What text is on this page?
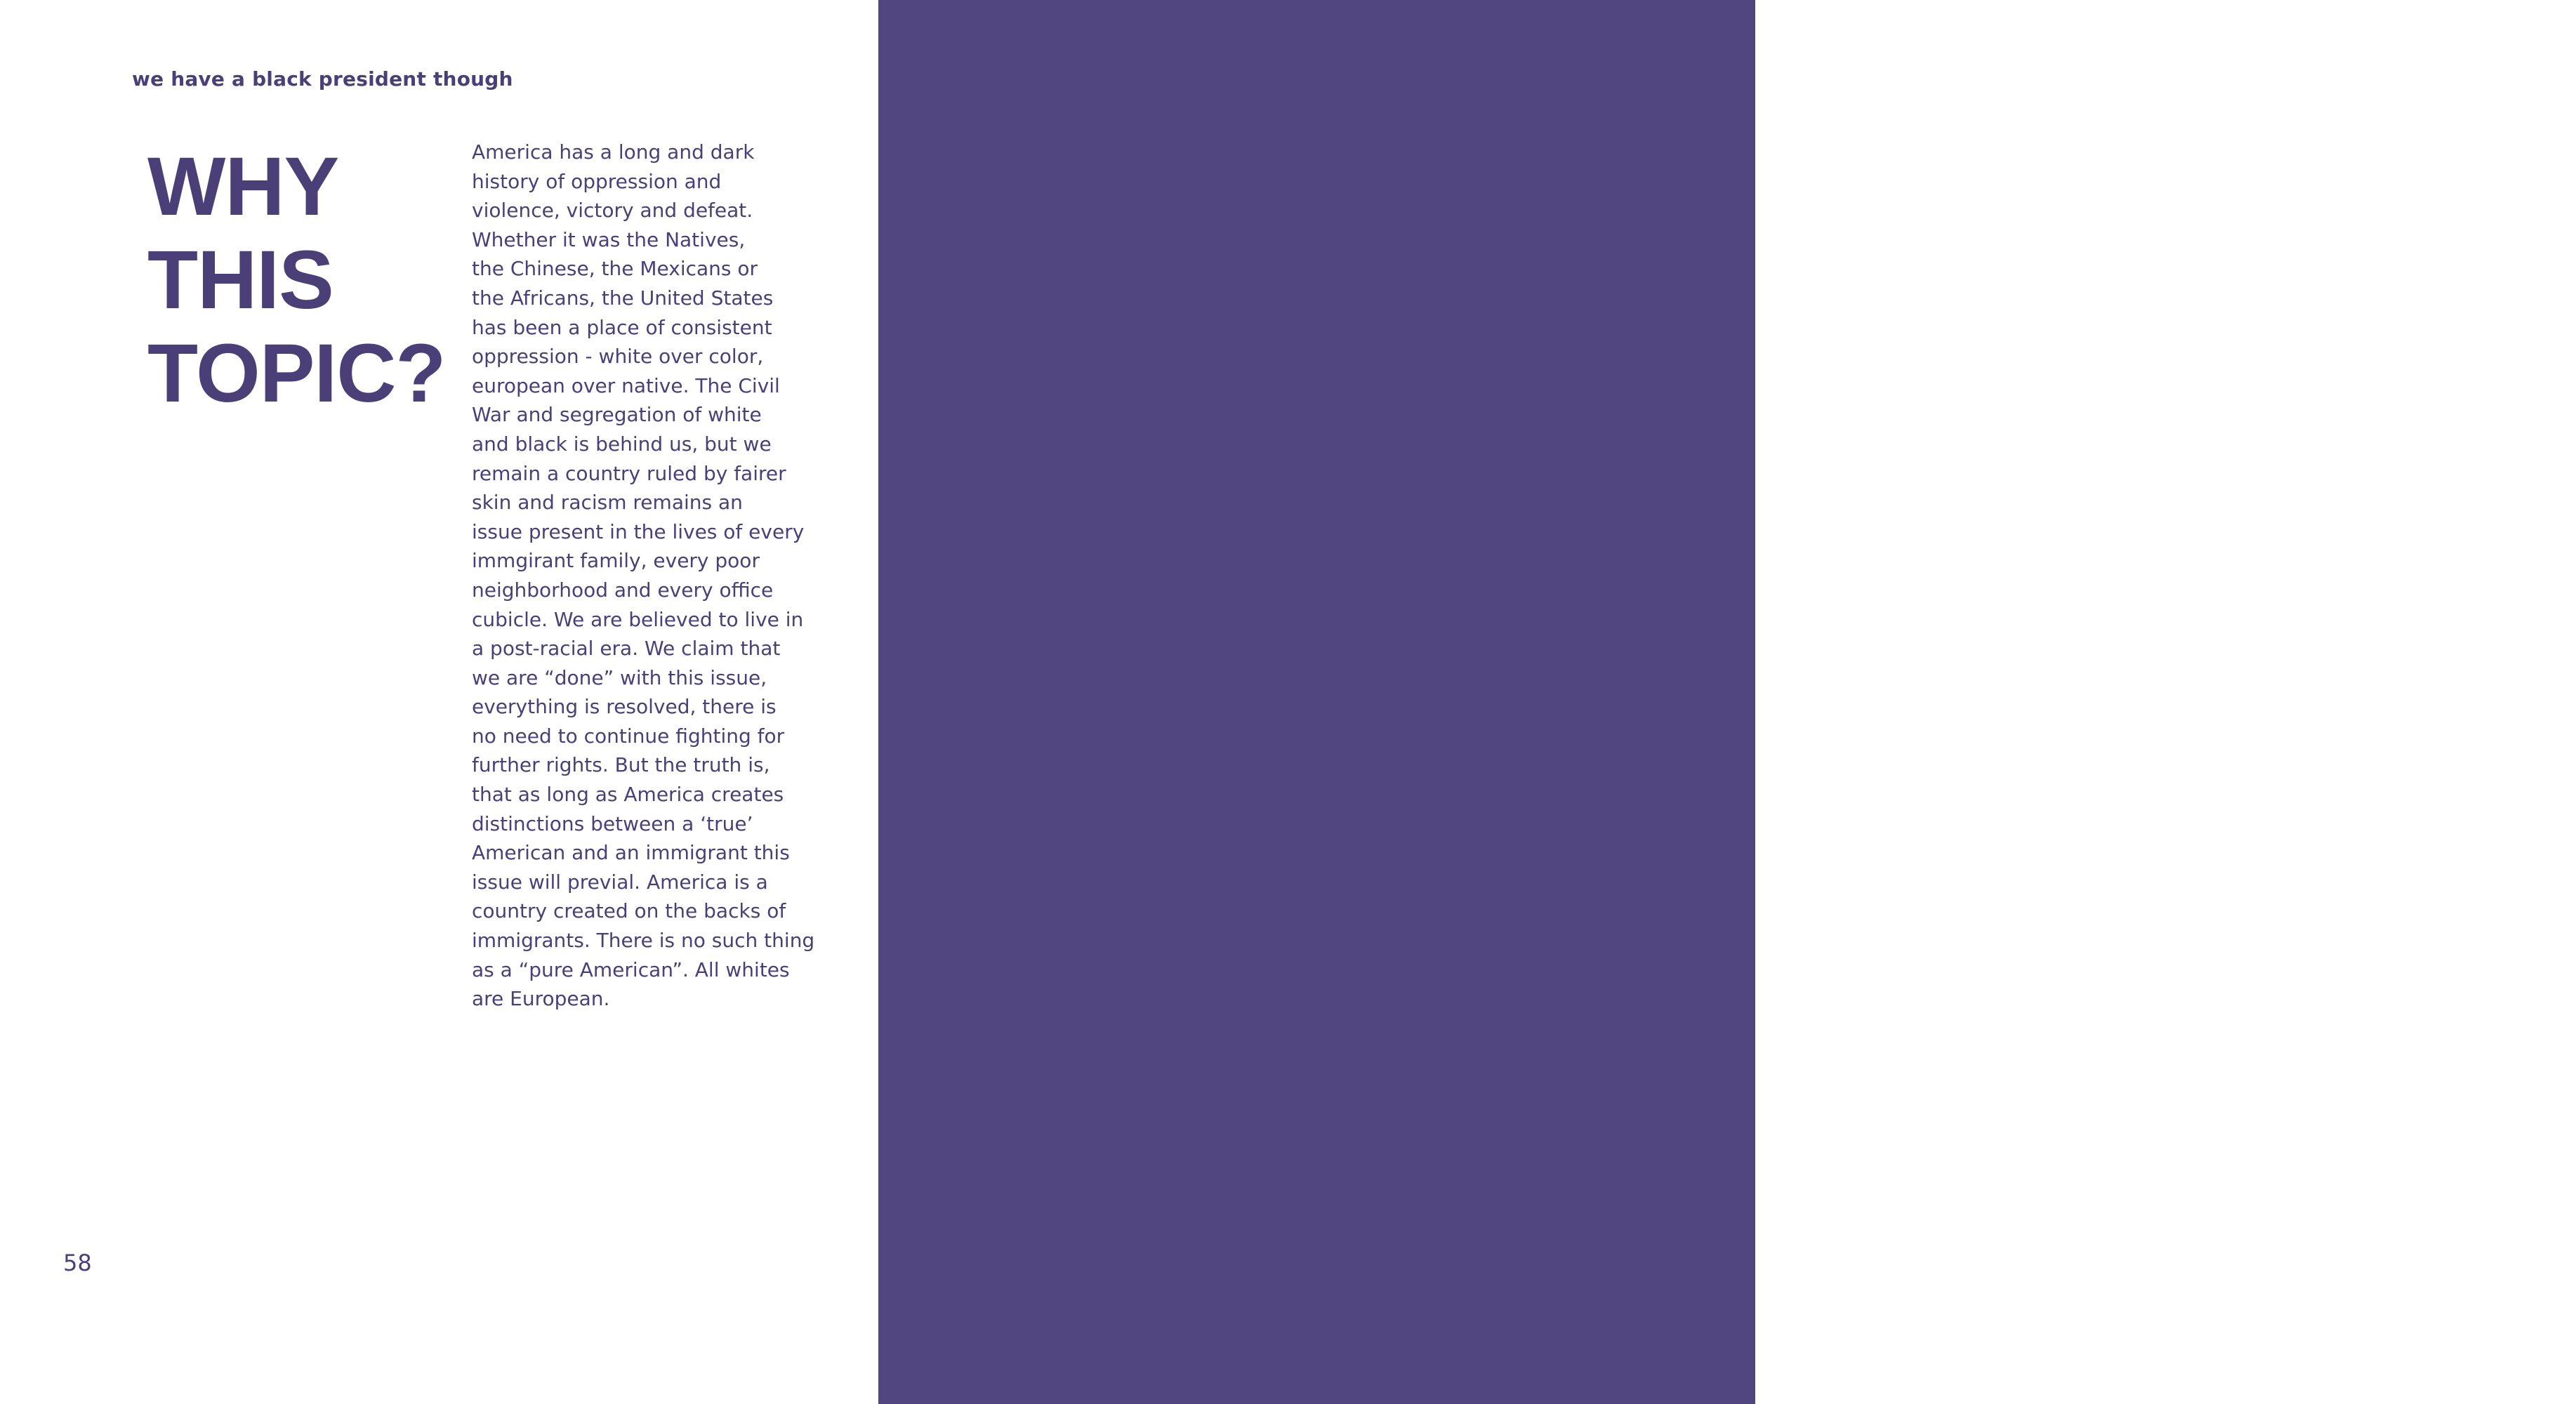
we have a black president though
WHY
THIS
TOPIC?

America has a long and dark
history of oppression and
violence, victory and defeat.
Whether it was the Natives,
the Chinese, the Mexicans or
the Africans, the United States
has been a place of consistent
oppression - white over color,
european over native. The Civil
War and segregation of white
and black is behind us, but we
remain a country ruled by fairer
skin and racism remains an
issue present in the lives of every
immgirant family, every poor
neighborhood and every office
cubicle. We are believed to live in
a post-racial era. We claim that
we are “done” with this issue,
everything is resolved, there is
no need to continue fighting for
further rights. But the truth is,
that as long as America creates
distinctions between a ‘true’
American and an immigrant this
issue will previal. America is a
country created on the backs of
immigrants. There is no such thing
as a “pure American”. All whites
are European.

58

But now we have a Black
President. What does that
mean? Have things truly
changed? Does having a half
white, half black President and
strongest rule in the world hold
proof towards the fact that we
live in a country where racial
issues are behind us? Has
America finally become blind of
color and creed?

These are the questions we
attempt to answer. We have a
black president now. So what?

59
